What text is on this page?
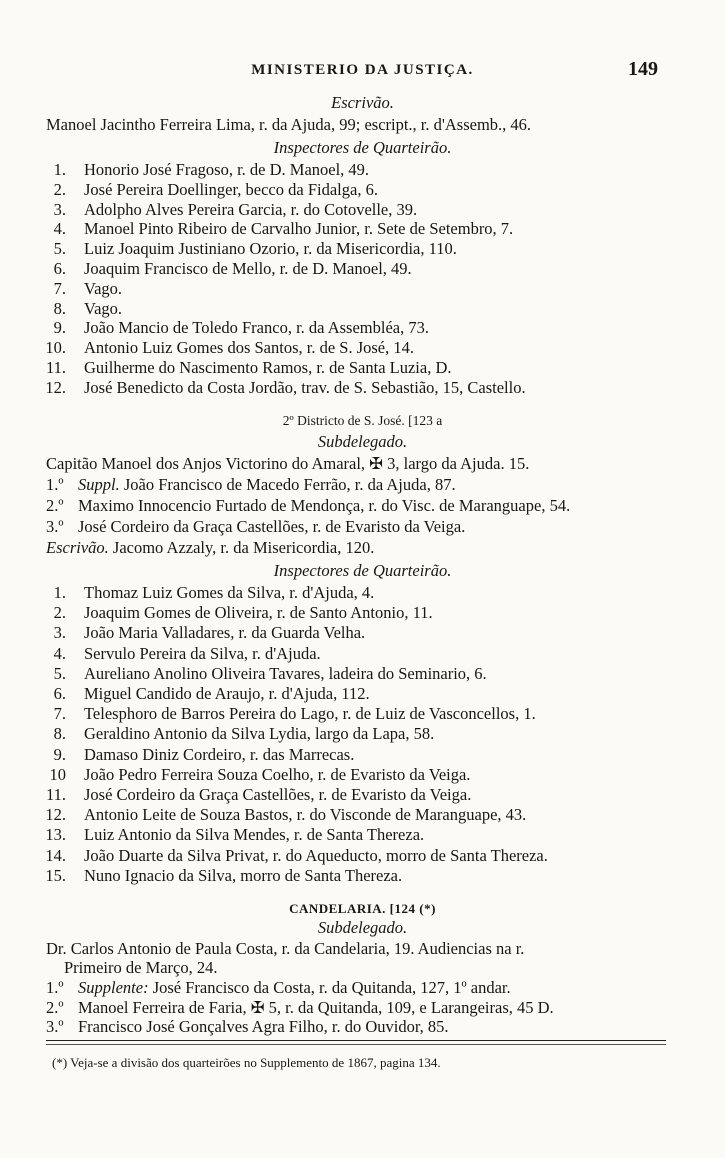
MINISTERIO DA JUSTIÇA.	149
Escrivão.
Manoel Jacintho Ferreira Lima, r. da Ajuda, 99; escript., r. d'Assemb., 46.
Inspectores de Quarteirão.
1. Honorio José Fragoso, r. de D. Manoel, 49.
2. José Pereira Doellinger, becco da Fidalga, 6.
3. Adolpho Alves Pereira Garcia, r. do Cotovelle, 39.
4. Manoel Pinto Ribeiro de Carvalho Junior, r. Sete de Setembro, 7.
5. Luiz Joaquim Justiniano Ozorio, r. da Misericordia, 110.
6. Joaquim Francisco de Mello, r. de D. Manoel, 49.
7. Vago.
8. Vago.
9. João Mancio de Toledo Franco, r. da Assembléa, 73.
10. Antonio Luiz Gomes dos Santos, r. de S. José, 14.
11. Guilherme do Nascimento Ramos, r. de Santa Luzia, D.
12. José Benedicto da Costa Jordão, trav. de S. Sebastião, 15, Castello.
2º Districto de S. José. [123 a
Subdelegado.
Capitão Manoel dos Anjos Victorino do Amaral, ✠ 3, largo da Ajuda. 15.
1.º Suppl. João Francisco de Macedo Ferrão, r. da Ajuda, 87.
2.º Maximo Innocencio Furtado de Mendonça, r. do Visc. de Maranguape, 54.
3.º José Cordeiro da Graça Castellões, r. de Evaristo da Veiga.
Escrivão. Jacomo Azzaly, r. da Misericordia, 120.
Inspectores de Quarteirão.
1. Thomaz Luiz Gomes da Silva, r. d'Ajuda, 4.
2. Joaquim Gomes de Oliveira, r. de Santo Antonio, 11.
3. João Maria Valladares, r. da Guarda Velha.
4. Servulo Pereira da Silva, r. d'Ajuda.
5. Aureliano Anolino Oliveira Tavares, ladeira do Seminario, 6.
6. Miguel Candido de Araujo, r. d'Ajuda, 112.
7. Telesphoro de Barros Pereira do Lago, r. de Luiz de Vasconcellos, 1.
8. Geraldino Antonio da Silva Lydia, largo da Lapa, 58.
9. Damaso Diniz Cordeiro, r. das Marrecas.
10 João Pedro Ferreira Souza Coelho, r. de Evaristo da Veiga.
11. José Cordeiro da Graça Castellões, r. de Evaristo da Veiga.
12. Antonio Leite de Souza Bastos, r. do Visconde de Maranguape, 43.
13. Luiz Antonio da Silva Mendes, r. de Santa Thereza.
14. João Duarte da Silva Privat, r. do Aqueducto, morro de Santa Thereza.
15. Nuno Ignacio da Silva, morro de Santa Thereza.
CANDELARIA. [124 (*)
Subdelegado.
Dr. Carlos Antonio de Paula Costa, r. da Candelaria, 19. Audiencias na r.
Primeiro de Março, 24.
1.º Supplente: José Francisco da Costa, r. da Quitanda, 127, 1º andar.
2.º Manoel Ferreira de Faria, ✠ 5, r. da Quitanda, 109, e Larangeiras, 45 D.
3.º Francisco José Gonçalves Agra Filho, r. do Ouvidor, 85.
(*) Veja-se a divisão dos quarteirões no Supplemento de 1867, pagina 134.
